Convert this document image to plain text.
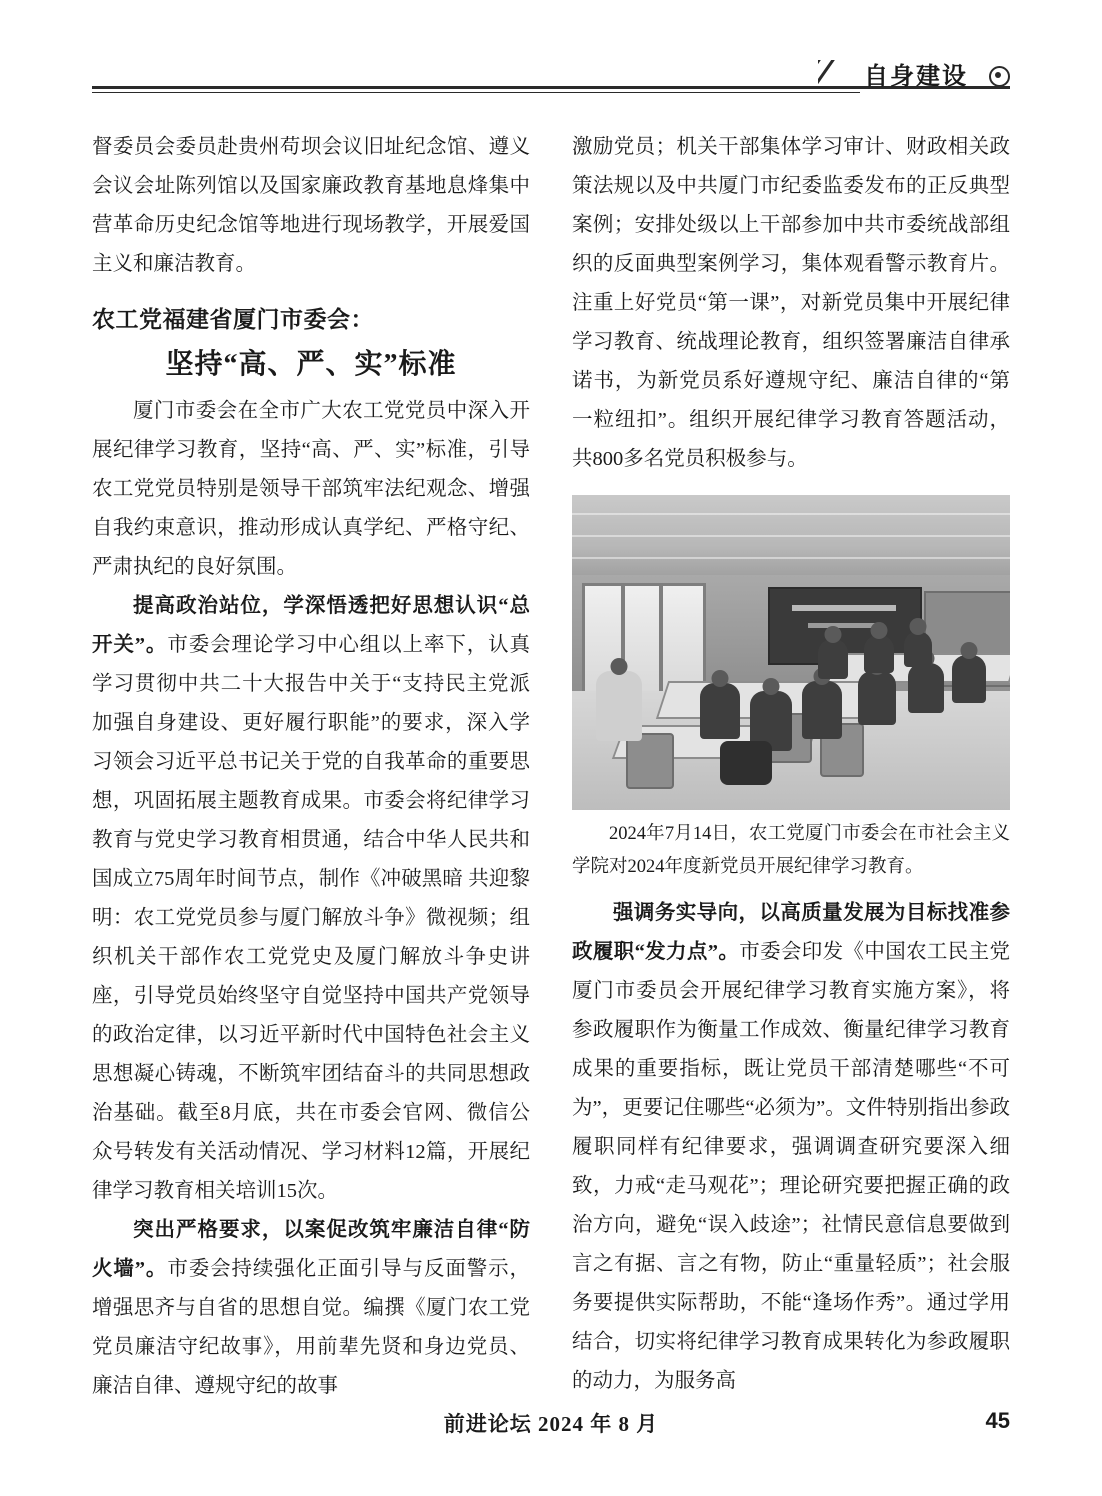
自身建设

督委员会委员赴贵州苟坝会议旧址纪念馆、遵义会议会址陈列馆以及国家廉政教育基地息烽集中营革命历史纪念馆等地进行现场教学，开展爱国主义和廉洁教育。

农工党福建省厦门市委会：

坚持“高、严、实”标准

厦门市委会在全市广大农工党党员中深入开展纪律学习教育，坚持“高、严、实”标准，引导农工党党员特别是领导干部筑牢法纪观念、增强自我约束意识，推动形成认真学纪、严格守纪、严肃执纪的良好氛围。

提高政治站位，学深悟透把好思想认识“总开关”。市委会理论学习中心组以上率下，认真学习贯彻中共二十大报告中关于“支持民主党派加强自身建设、更好履行职能”的要求，深入学习领会习近平总书记关于党的自我革命的重要思想，巩固拓展主题教育成果。市委会将纪律学习教育与党史学习教育相贯通，结合中华人民共和国成立75周年时间节点，制作《冲破黑暗 共迎黎明：农工党党员参与厦门解放斗争》微视频；组织机关干部作农工党党史及厦门解放斗争史讲座，引导党员始终坚守自觉坚持中国共产党领导的政治定律，以习近平新时代中国特色社会主义思想凝心铸魂，不断筑牢团结奋斗的共同思想政治基础。截至8月底，共在市委会官网、微信公众号转发有关活动情况、学习材料12篇，开展纪律学习教育相关培训15次。

突出严格要求，以案促改筑牢廉洁自律“防火墙”。市委会持续强化正面引导与反面警示，增强思齐与自省的思想自觉。编撰《厦门农工党党员廉洁守纪故事》，用前辈先贤和身边党员、廉洁自律、遵规守纪的故事

激励党员；机关干部集体学习审计、财政相关政策法规以及中共厦门市纪委监委发布的正反典型案例；安排处级以上干部参加中共市委统战部组织的反面典型案例学习，集体观看警示教育片。注重上好党员“第一课”，对新党员集中开展纪律学习教育、统战理论教育，组织签署廉洁自律承诺书，为新党员系好遵规守纪、廉洁自律的“第一粒纽扣”。组织开展纪律学习教育答题活动，共800多名党员积极参与。

2024年7月14日，农工党厦门市委会在市社会主义学院对2024年度新党员开展纪律学习教育。

强调务实导向，以高质量发展为目标找准参政履职“发力点”。市委会印发《中国农工民主党厦门市委员会开展纪律学习教育实施方案》，将参政履职作为衡量工作成效、衡量纪律学习教育成果的重要指标，既让党员干部清楚哪些“不可为”，更要记住哪些“必须为”。文件特别指出参政履职同样有纪律要求，强调调查研究要深入细致，力戒“走马观花”；理论研究要把握正确的政治方向，避免“误入歧途”；社情民意信息要做到言之有据、言之有物，防止“重量轻质”；社会服务要提供实际帮助，不能“逢场作秀”。通过学用结合，切实将纪律学习教育成果转化为参政履职的动力，为服务高

前进论坛 2024 年 8 月	45
